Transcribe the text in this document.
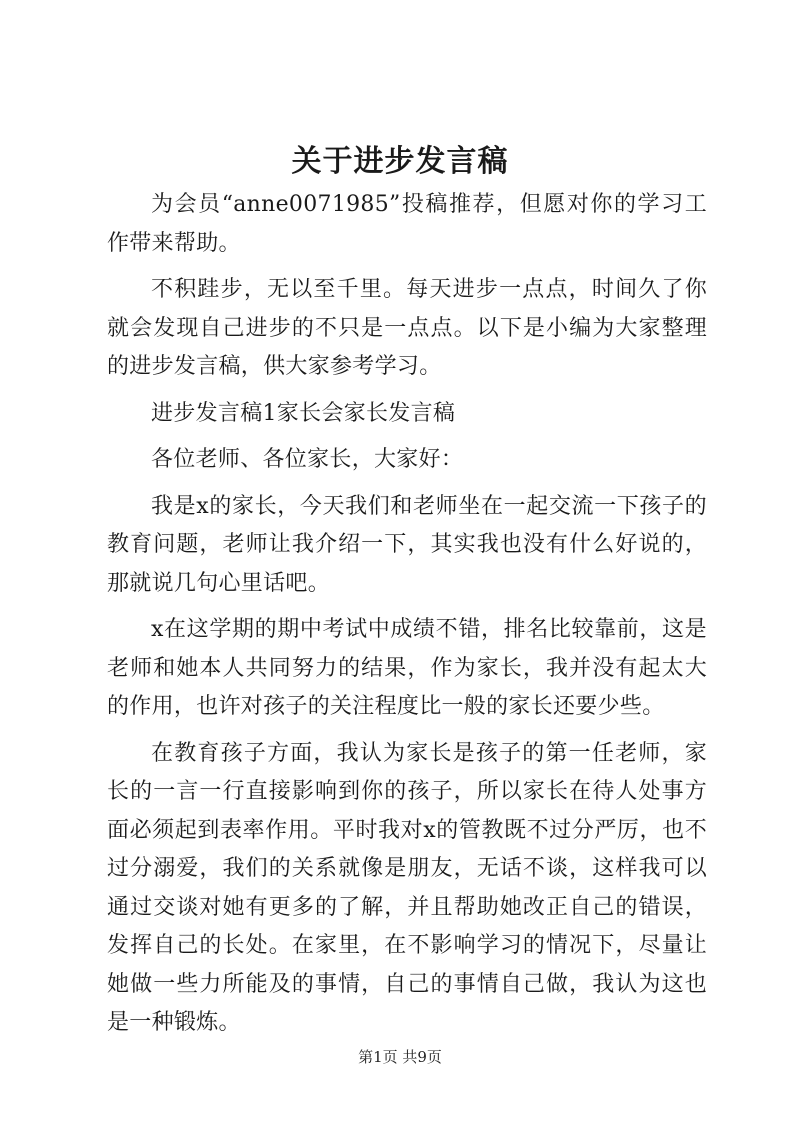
关于进步发言稿

为会员“anne0071985”投稿推荐，但愿对你的学习工作带来帮助。

不积跬步，无以至千里。每天进步一点点，时间久了你就会发现自己进步的不只是一点点。以下是小编为大家整理的进步发言稿，供大家参考学习。

进步发言稿1家长会家长发言稿

各位老师、各位家长，大家好：

我是x的家长，今天我们和老师坐在一起交流一下孩子的教育问题，老师让我介绍一下，其实我也没有什么好说的，那就说几句心里话吧。

x在这学期的期中考试中成绩不错，排名比较靠前，这是老师和她本人共同努力的结果，作为家长，我并没有起太大的作用，也许对孩子的关注程度比一般的家长还要少些。

在教育孩子方面，我认为家长是孩子的第一任老师，家长的一言一行直接影响到你的孩子，所以家长在待人处事方面必须起到表率作用。平时我对x的管教既不过分严厉，也不过分溺爱，我们的关系就像是朋友，无话不谈，这样我可以通过交谈对她有更多的了解，并且帮助她改正自己的错误，发挥自己的长处。在家里，在不影响学习的情况下，尽量让她做一些力所能及的事情，自己的事情自己做，我认为这也是一种锻炼。

第1页 共9页
